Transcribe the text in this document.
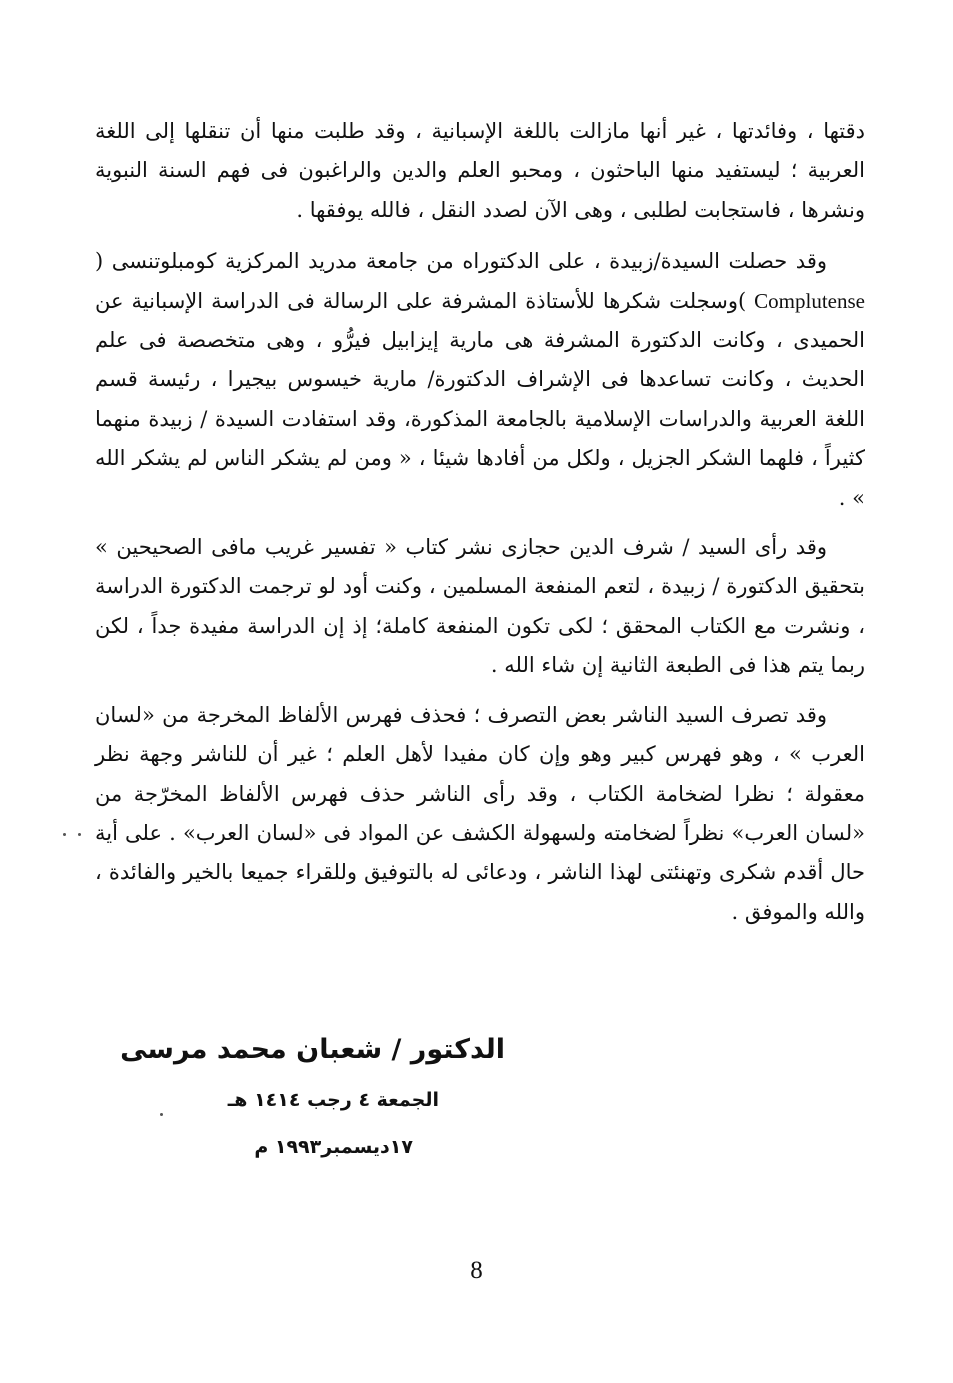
دقتها ، وفائدتها ، غير أنها مازالت باللغة الإسبانية ، وقد طلبت منها أن تنقلها إلى اللغة العربية ؛ ليستفيد منها الباحثون ، ومحبو العلم والدين والراغبون فى فهم السنة النبوية ونشرها ، فاستجابت لطلبى ، وهى الآن لصدد النقل ، فالله يوفقها .

وقد حصلت السيدة/زبيدة ، على الدكتوراه من جامعة مدريد المركزية كومبلوتنسى ( Complutense )وسجلت شكرها للأستاذة المشرفة على الرسالة فى الدراسة الإسبانية عن الحميدى ، وكانت الدكتورة المشرفة هى مارية إيزابيل فيرُّو ، وهى متخصصة فى علم الحديث ، وكانت تساعدها فى الإشراف الدكتورة/ مارية خيسوس بيجيرا ، رئيسة قسم اللغة العربية والدراسات الإسلامية بالجامعة المذكورة، وقد استفادت السيدة / زبيدة منهما كثيراً ، فلهما الشكر الجزيل ، ولكل من أفادها شيئا ، « ومن لم يشكر الناس لم يشكر الله » .

وقد رأى السيد / شرف الدين حجازى نشر كتاب « تفسير غريب مافى الصحيحين » بتحقيق الدكتورة / زبيدة ، لتعم المنفعة المسلمين ، وكنت أود لو ترجمت الدكتورة الدراسة ، ونشرت مع الكتاب المحقق ؛ لكى تكون المنفعة كاملة؛ إذ إن الدراسة مفيدة جداً ، لكن ربما يتم هذا فى الطبعة الثانية إن شاء الله .

وقد تصرف السيد الناشر بعض التصرف ؛ فحذف فهرس الألفاظ المخرجة من «لسان العرب » ، وهو فهرس كبير وهو وإن كان مفيدا لأهل العلم ؛ غير أن للناشر وجهة نظر معقولة ؛ نظرا لضخامة الكتاب ، وقد رأى الناشر حذف فهرس الألفاظ المخرّجة من «لسان العرب» نظراً لضخامته ولسهولة الكشف عن المواد فى «لسان العرب» . على أية حال أقدم شكرى وتهنئتى لهذا الناشر ، ودعائى له بالتوفيق وللقراء جميعا بالخير والفائدة ، والله والموفق .

الدكتور / شعبان محمد مرسى
الجمعة ٤ رجب ١٤١٤ هـ
١٧ديسمبر١٩٩٣ م
8
